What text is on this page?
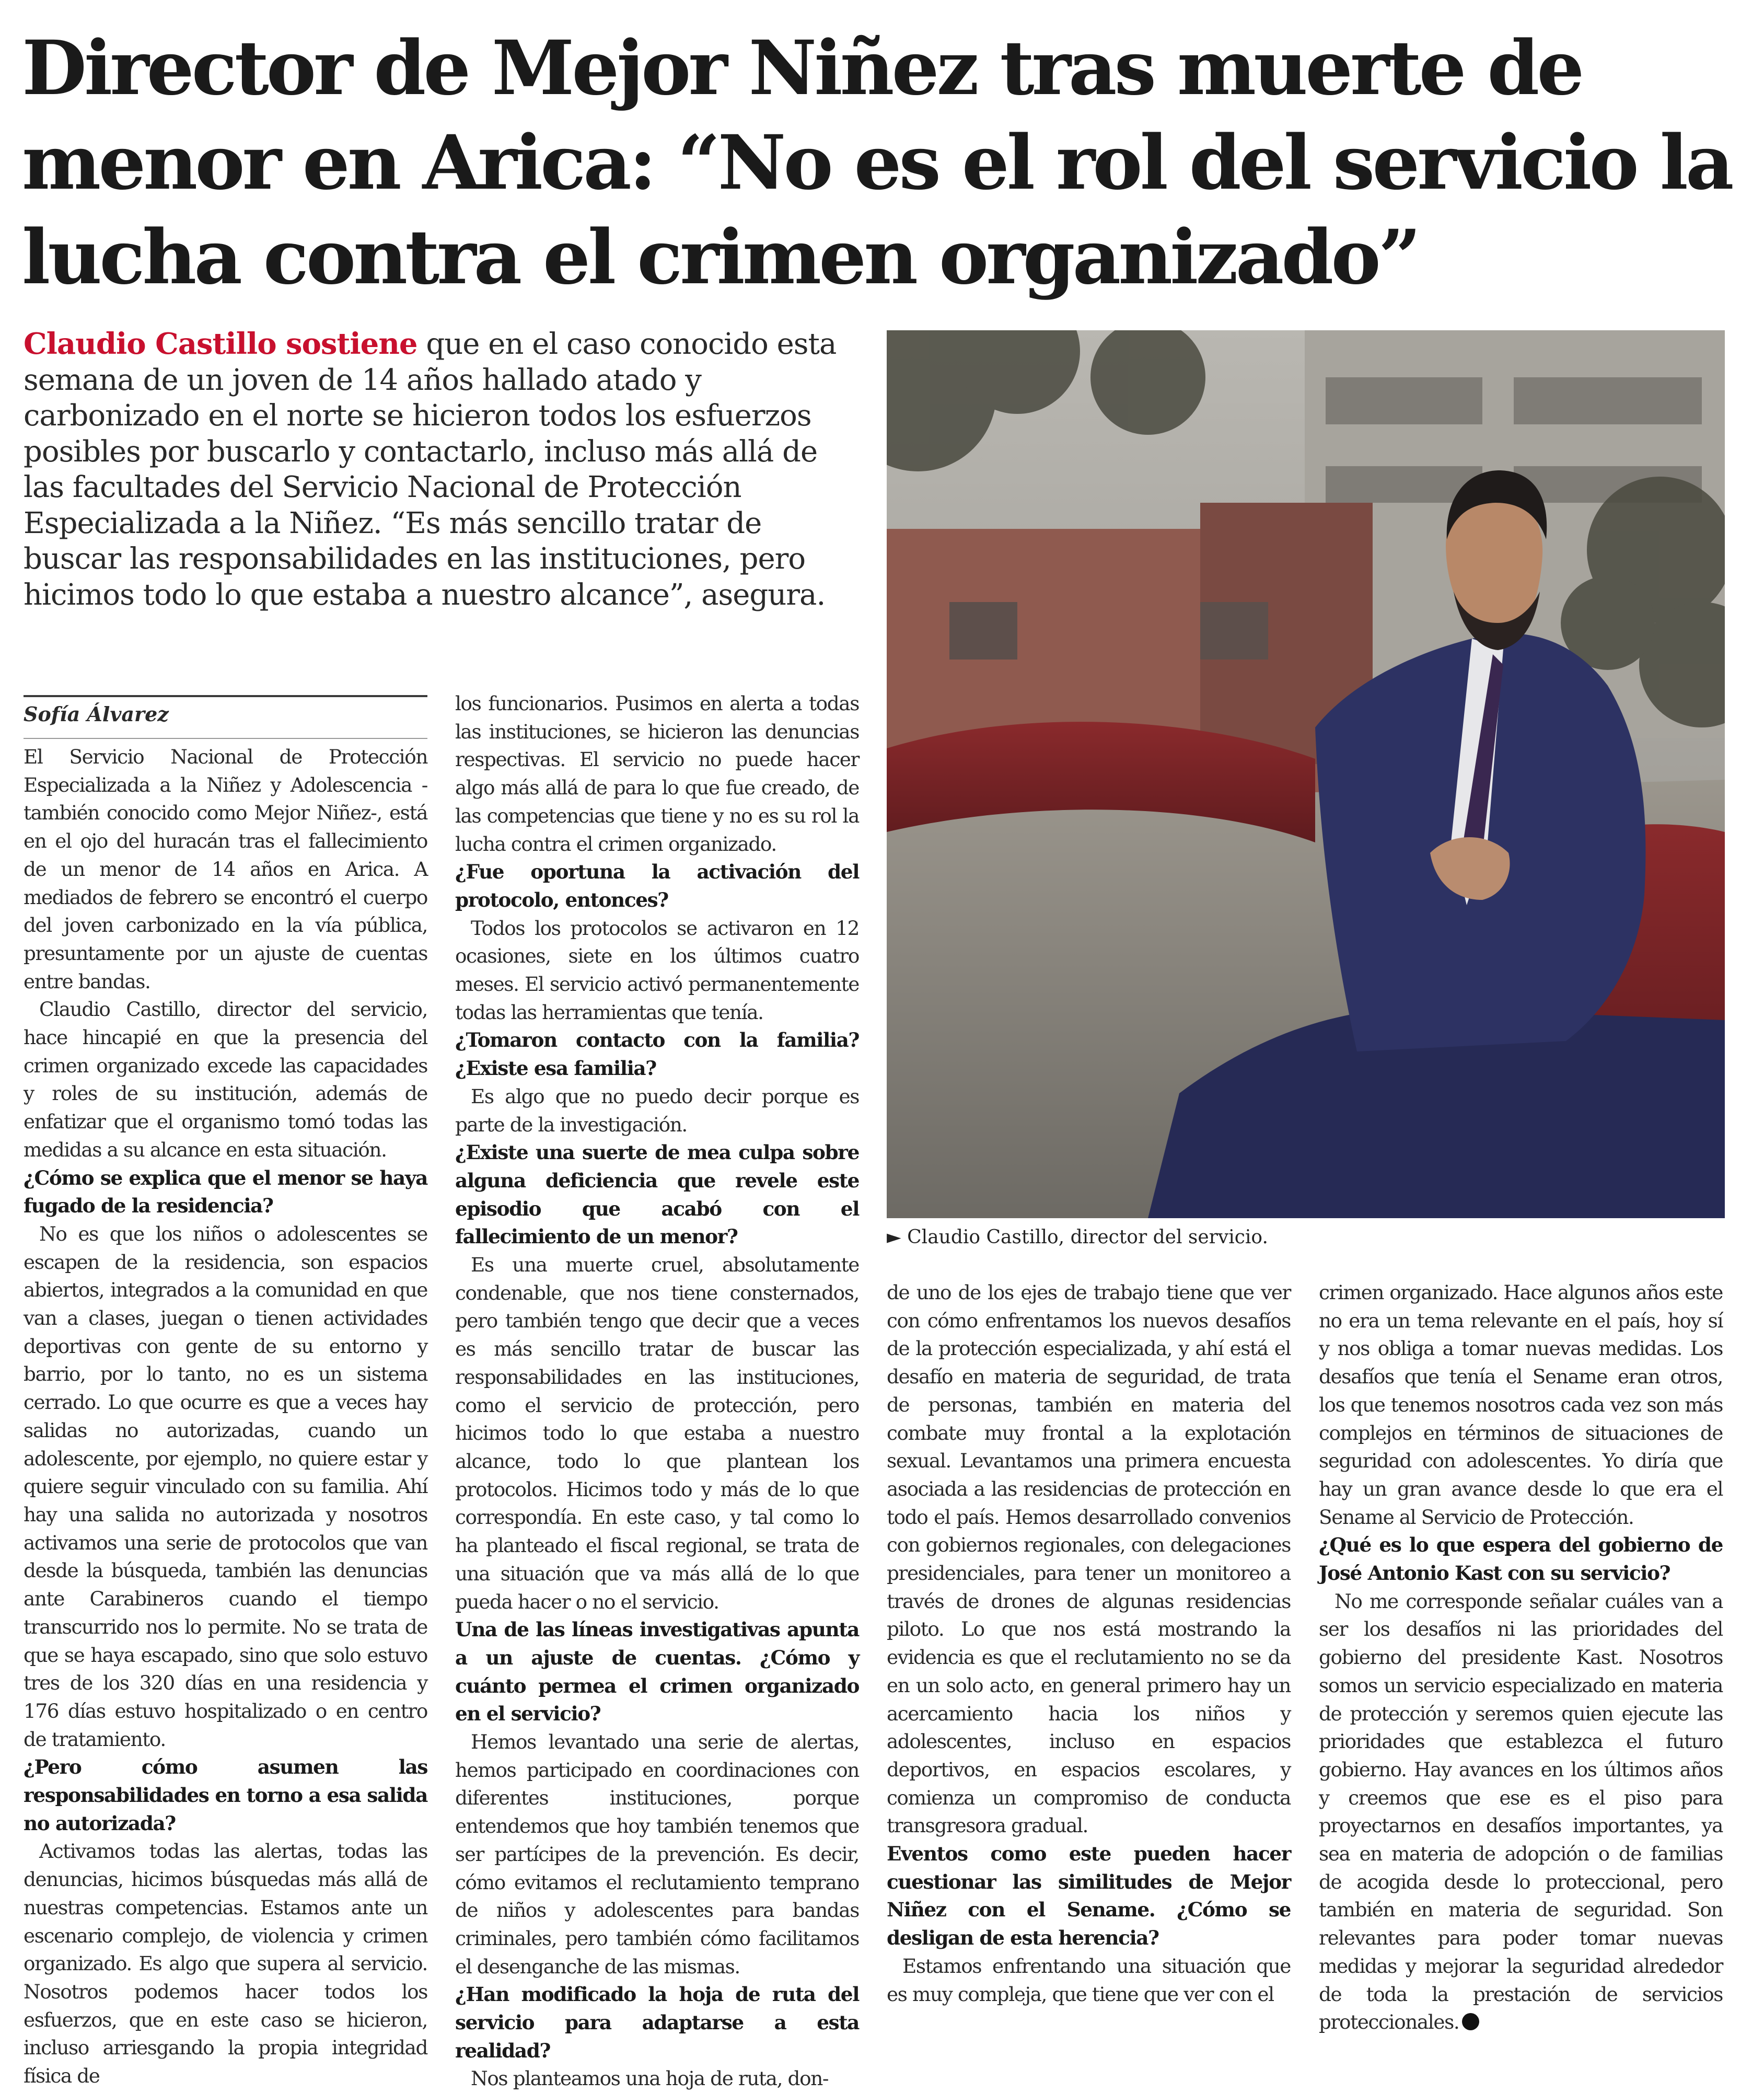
Director de Mejor Niñez tras muerte de menor en Arica: “No es el rol del servicio la lucha contra el crimen organizado”

Claudio Castillo sostiene que en el caso conocido esta semana de un joven de 14 años hallado atado y carbonizado en el norte se hicieron todos los esfuerzos posibles por buscarlo y contactarlo, incluso más allá de las facultades del Servicio Nacional de Protección Especializada a la Niñez. “Es más sencillo tratar de buscar las responsabilidades en las instituciones, pero hicimos todo lo que estaba a nuestro alcance”, asegura.

► Claudio Castillo, director del servicio.
Sofía Álvarez

El Servicio Nacional de Protección Especializada a la Niñez y Adolescencia -también conocido como Mejor Niñez-, está en el ojo del huracán tras el fallecimiento de un menor de 14 años en Arica. A mediados de febrero se encontró el cuerpo del joven carbonizado en la vía pública, presuntamente por un ajuste de cuentas entre bandas.

Claudio Castillo, director del servicio, hace hincapié en que la presencia del crimen organizado excede las capacidades y roles de su institución, además de enfatizar que el organismo tomó todas las medidas a su alcance en esta situación.

¿Cómo se explica que el menor se haya fugado de la residencia?

No es que los niños o adolescentes se escapen de la residencia, son espacios abiertos, integrados a la comunidad en que van a clases, juegan o tienen actividades deportivas con gente de su entorno y barrio, por lo tanto, no es un sistema cerrado. Lo que ocurre es que a veces hay salidas no autorizadas, cuando un adolescente, por ejemplo, no quiere estar y quiere seguir vinculado con su familia. Ahí hay una salida no autorizada y nosotros activamos una serie de protocolos que van desde la búsqueda, también las denuncias ante Carabineros cuando el tiempo transcurrido nos lo permite. No se trata de que se haya escapado, sino que solo estuvo tres de los 320 días en una residencia y 176 días estuvo hospitalizado o en centro de tratamiento.

¿Pero cómo asumen las responsabilidades en torno a esa salida no autorizada?

Activamos todas las alertas, todas las denuncias, hicimos búsquedas más allá de nuestras competencias. Estamos ante un escenario complejo, de violencia y crimen organizado. Es algo que supera al servicio. Nosotros podemos hacer todos los esfuerzos, que en este caso se hicieron, incluso arriesgando la propia integridad física de

los funcionarios. Pusimos en alerta a todas las instituciones, se hicieron las denuncias respectivas. El servicio no puede hacer algo más allá de para lo que fue creado, de las competencias que tiene y no es su rol la lucha contra el crimen organizado.

¿Fue oportuna la activación del protocolo, entonces?

Todos los protocolos se activaron en 12 ocasiones, siete en los últimos cuatro meses. El servicio activó permanentemente todas las herramientas que tenía.

¿Tomaron contacto con la familia? ¿Existe esa familia?

Es algo que no puedo decir porque es parte de la investigación.

¿Existe una suerte de mea culpa sobre alguna deficiencia que revele este episodio que acabó con el fallecimiento de un menor?

Es una muerte cruel, absolutamente condenable, que nos tiene consternados, pero también tengo que decir que a veces es más sencillo tratar de buscar las responsabilidades en las instituciones, como el servicio de protección, pero hicimos todo lo que estaba a nuestro alcance, todo lo que plantean los protocolos. Hicimos todo y más de lo que correspondía. En este caso, y tal como lo ha planteado el fiscal regional, se trata de una situación que va más allá de lo que pueda hacer o no el servicio.

Una de las líneas investigativas apunta a un ajuste de cuentas. ¿Cómo y cuánto permea el crimen organizado en el servicio?

Hemos levantado una serie de alertas, hemos participado en coordinaciones con diferentes instituciones, porque entendemos que hoy también tenemos que ser partícipes de la prevención. Es decir, cómo evitamos el reclutamiento temprano de niños y adolescentes para bandas criminales, pero también cómo facilitamos el desenganche de las mismas.

¿Han modificado la hoja de ruta del servicio para adaptarse a esta realidad?

Nos planteamos una hoja de ruta, don-

de uno de los ejes de trabajo tiene que ver con cómo enfrentamos los nuevos desafíos de la protección especializada, y ahí está el desafío en materia de seguridad, de trata de personas, también en materia del combate muy frontal a la explotación sexual. Levantamos una primera encuesta asociada a las residencias de protección en todo el país. Hemos desarrollado convenios con gobiernos regionales, con delegaciones presidenciales, para tener un monitoreo a través de drones de algunas residencias piloto. Lo que nos está mostrando la evidencia es que el reclutamiento no se da en un solo acto, en general primero hay un acercamiento hacia los niños y adolescentes, incluso en espacios deportivos, en espacios escolares, y comienza un compromiso de conducta transgresora gradual.

Eventos como este pueden hacer cuestionar las similitudes de Mejor Niñez con el Sename. ¿Cómo se desligan de esta herencia?

Estamos enfrentando una situación que es muy compleja, que tiene que ver con el

crimen organizado. Hace algunos años este no era un tema relevante en el país, hoy sí y nos obliga a tomar nuevas medidas. Los desafíos que tenía el Sename eran otros, los que tenemos nosotros cada vez son más complejos en términos de situaciones de seguridad con adolescentes. Yo diría que hay un gran avance desde lo que era el Sename al Servicio de Protección.

¿Qué es lo que espera del gobierno de José Antonio Kast con su servicio?

No me corresponde señalar cuáles van a ser los desafíos ni las prioridades del gobierno del presidente Kast. Nosotros somos un servicio especializado en materia de protección y seremos quien ejecute las prioridades que establezca el futuro gobierno. Hay avances en los últimos años y creemos que ese es el piso para proyectarnos en desafíos importantes, ya sea en materia de adopción o de familias de acogida desde lo proteccional, pero también en materia de seguridad. Son relevantes para poder tomar nuevas medidas y mejorar la seguridad alrededor de toda la prestación de servicios proteccionales.
